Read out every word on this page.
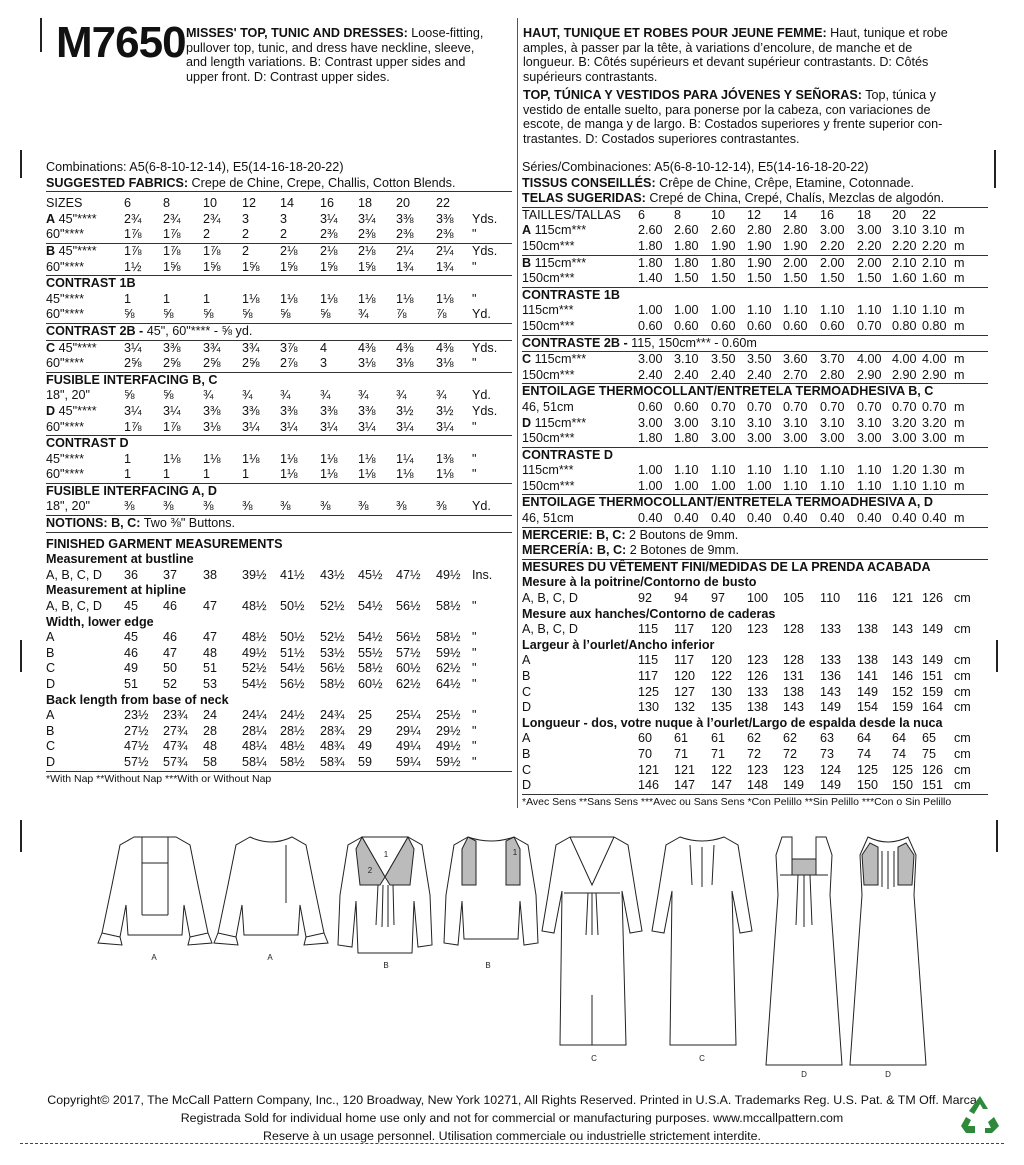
M7650 MISSES' TOP, TUNIC AND DRESSES: Loose-fitting,
pullover top, tunic, and dress have neckline, sleeve,
and length variations. B: Contrast upper sides and
upper front. D: Contrast upper sides.
HAUT, TUNIQUE ET ROBES POUR JEUNE FEMME: Haut, tunique et robe
amples, à passer par la tête, à variations d’encolure, de manche et de
longueur. B: Côtés supérieurs et devant supérieur contrastants. D: Côtés
supérieurs contrastants.
TOP, TÚNICA Y VESTIDOS PARA JÓVENES Y SEÑORAS: Top, túnica y
vestido de entalle suelto, para ponerse por la cabeza, con variaciones de
escote, de manga y de largo. B: Costados superiores y frente superior con-
trastantes. D: Costados superiores contrastantes.
Combinations: A5(6-8-10-12-14), E5(14-16-18-20-22)
SUGGESTED FABRICS: Crepe de Chine, Crepe, Challis, Cotton Blends.
SIZES	6	8	10 12 14 16 18 20 22
A 45"**** 2¾ 2¾ 2¾ 3 3	3¼ 3¼ 3⅜ 3⅜ Yds.
60"****	1⅞ 1⅞ 2	2 2	2⅜ 2⅜ 2⅜ 2⅜ "
B 45"**** 1⅞ 1⅞ 1⅞ 2 2⅛ 2⅛ 2⅛ 2¼ 2¼ Yds.
60"****	1½ 1⅝ 1⅝ 1⅝ 1⅝ 1⅝ 1⅝ 1¾ 1¾ "
CONTRAST 1B
45"****	1	1	1	1⅛ 1⅛ 1⅛ 1⅛ 1⅛ 1⅛ "
60"****	⅝ ⅝ ⅝ ⅝ ⅝ ⅝ ¾ ⅞ ⅞ Yd.
CONTRAST 2B - 45", 60"**** - ⅝ yd.
C 45"**** 3¼ 3⅜ 3¾ 3¾ 3⅞ 4 4⅜ 4⅜ 4⅜ Yds.
60"****	2⅝ 2⅝ 2⅝ 2⅝ 2⅞ 3 3⅛ 3⅛ 3⅛ "
FUSIBLE INTERFACING B, C
18", 20"	⅝ ⅝ ¾ ¾ ¾ ¾ ¾ ¾ ¾ Yd.
D 45"**** 3¼ 3¼ 3⅜ 3⅜ 3⅜ 3⅜ 3⅜ 3½ 3½ Yds.
60"****	1⅞ 1⅞ 3⅛ 3¼ 3¼ 3¼ 3¼ 3¼ 3¼ "
CONTRAST D
45"****	1	1⅛ 1⅛ 1⅛ 1⅛ 1⅛ 1⅛ 1¼ 1⅜ "
60"****	1	1	1	1 1⅛ 1⅛ 1⅛ 1⅛ 1⅛ "
FUSIBLE INTERFACING A, D
18", 20"	⅜ ⅜ ⅜ ⅜ ⅜ ⅜ ⅜ ⅜ ⅜ Yd.
NOTIONS: B, C: Two ⅜" Buttons.
FINISHED GARMENT MEASUREMENTS
Measurement at bustline
A, B, C, D 36 37 38 39½ 41½ 43½ 45½ 47½ 49½ Ins.
Measurement at hipline
A, B, C, D 45 46 47 48½ 50½ 52½ 54½ 56½ 58½ "
Width, lower edge
A	45 46 47 48½ 50½ 52½ 54½ 56½ 58½ "
B	46 47 48 49½ 51½ 53½ 55½ 57½ 59½ "
C	49 50 51 52½ 54½ 56½ 58½ 60½ 62½ "
D	51 52 53 54½ 56½ 58½ 60½ 62½ 64½ "
Back length from base of neck
A	23½ 23¾ 24 24¼ 24½ 24¾ 25 25¼ 25½ "
B	27½ 27¾ 28 28¼ 28½ 28¾ 29 29¼ 29½ "
C	47½ 47¾ 48 48¼ 48½ 48¾ 49 49¼ 49½ "
D	57½ 57¾ 58 58¼ 58½ 58¾ 59 59¼ 59½ "
*With Nap **Without Nap ***With or Without Nap
Séries/Combinaciones: A5(6-8-10-12-14), E5(14-16-18-20-22)
TISSUS CONSEILLÉS: Crêpe de Chine, Crêpe, Etamine, Cotonnade.
TELAS SUGERIDAS: Crepé de China, Crepé, Chalís, Mezclas de algodón.
TAILLES/TALLAS 6 8 10 12 14 16 18 20 22
A 115cm***	2.60 2.60 2.60 2.80 2.80 3.00 3.00 3.10 3.10 m
150cm***	1.80 1.80 1.90 1.90 1.90 2.20 2.20 2.20 2.20 m
B 115cm***	1.80 1.80 1.80 1.90 2.00 2.00 2.00 2.10 2.10 m
150cm***	1.40 1.50 1.50 1.50 1.50 1.50 1.50 1.60 1.60 m
CONTRASTE 1B
115cm***	1.00 1.00 1.00 1.10 1.10 1.10 1.10 1.10 1.10 m
150cm***	0.60 0.60 0.60 0.60 0.60 0.60 0.70 0.80 0.80 m
CONTRASTE 2B - 115, 150cm*** - 0.60m
C 115cm***	3.00 3.10 3.50 3.50 3.60 3.70 4.00 4.00 4.00 m
150cm***	2.40 2.40 2.40 2.40 2.70 2.80 2.90 2.90 2.90 m
ENTOILAGE THERMOCOLLANT/ENTRETELA TERMOADHESIVA B, C
46, 51cm	0.60 0.60 0.70 0.70 0.70 0.70 0.70 0.70 0.70 m
D 115cm***	3.00 3.00 3.10 3.10 3.10 3.10 3.10 3.20 3.20 m
150cm***	1.80 1.80 3.00 3.00 3.00 3.00 3.00 3.00 3.00 m
CONTRASTE D
115cm***	1.00 1.10 1.10 1.10 1.10 1.10 1.10 1.20 1.30 m
150cm***	1.00 1.00 1.00 1.00 1.10 1.10 1.10 1.10 1.10 m
ENTOILAGE THERMOCOLLANT/ENTRETELA TERMOADHESIVA A, D
46, 51cm	0.40 0.40 0.40 0.40 0.40 0.40 0.40 0.40 0.40 m
MERCERIE: B, C: 2 Boutons de 9mm.
MERCERÍA: B, C: 2 Botones de 9mm.
MESURES DU VÊTEMENT FINI/MEDIDAS DE LA PRENDA ACABADA
Mesure à la poitrine/Contorno de busto
A, B, C, D	92 94 97 100 105 110 116 121 126 cm
Mesure aux hanches/Contorno de caderas
A, B, C, D	115 117 120 123 128 133 138 143 149 cm
Largeur à l’ourlet/Ancho inferior
A	115 117 120 123 128 133 138 143 149 cm
B	117 120 122 126 131 136 141 146 151 cm
C	125 127 130 133 138 143 149 152 159 cm
D	130 132 135 138 143 149 154 159 164 cm
Longueur - dos, votre nuque à l’ourlet/Largo de espalda desde la nuca
A	60 61 61 62 62 63 64 64 65 cm
B	70 71 71 72 72 73 74 74 75 cm
C	121 121 122 123 123 124 125 125 126 cm
D	146 147 147 148 149 149 150 150 151 cm
*Avec Sens **Sans Sens ***Avec ou Sans Sens *Con Pelillo **Sin Pelillo ***Con o Sin Pelillo
1
2
1
A	A
B	B
C	C
D	D
Copyright© 2017, The McCall Pattern Company, Inc., 120 Broadway, New York 10271, All Rights Reserved. Printed in U.S.A. Trademarks Reg. U.S. Pat. & TM Off. Marca
Registrada Sold for individual home use only and not for commercial or manufacturing purposes. www.mccallpattern.com
Reserve à un usage personnel. Utilisation commerciale ou industrielle strictement interdite.
